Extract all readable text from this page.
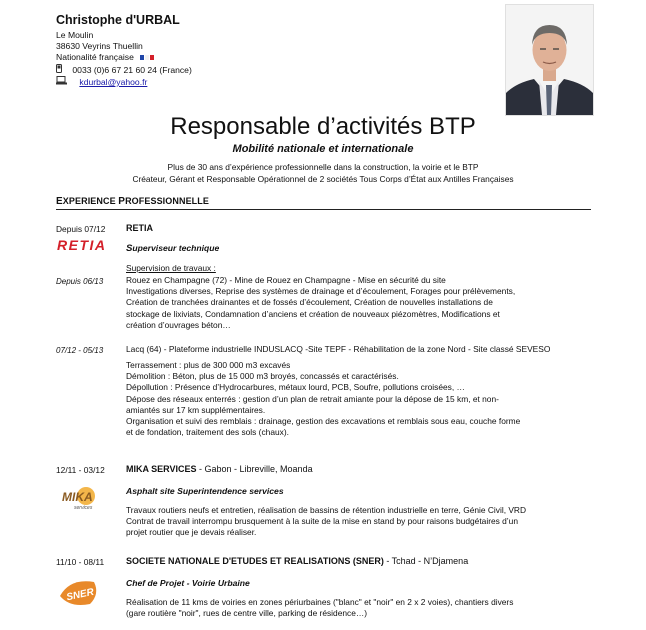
Christophe d'URBAL
Le Moulin
38630 Veyrins Thuellin
Nationalité française
0033 (0)6 67 21 60 24 (France)
kdurbal@yahoo.fr
Responsable d’activités BTP
Mobilité nationale et internationale
Plus de 30 ans d’expérience professionnelle dans la construction, la voirie et le BTP
Créateur, Gérant et Responsable Opérationnel de 2 sociétés Tous Corps d’État aux Antilles Françaises
EXPERIENCE PROFESSIONNELLE
Depuis 07/12 RETIA
RETIA Superviseur technique
Supervision de travaux :
Depuis 06/13	Rouez en Champagne (72) - Mine de Rouez en Champagne - Mise en sécurité du site
Investigations diverses, Reprise des systèmes de drainage et d’écoulement, Forages pour prélèvements,
Création de tranchées drainantes et de fossés d’écoulement, Création de nouvelles installations de
stockage de lixiviats, Condamnation d’anciens et création de nouveaux piézomètres, Modifications et
création d’ouvrages béton…
07/12 - 05/13	Lacq (64) - Plateforme industrielle INDUSLACQ -Site TEPF - Réhabilitation de la zone Nord - Site classé SEVESO
Terrassement : plus de 300 000 m3 excavés
Démolition : Béton, plus de 15 000 m3 broyés, concassés et caractérisés.
Dépollution : Présence d’Hydrocarbures, métaux lourd, PCB, Soufre, pollutions croisées, …
Dépose des réseaux enterrés : gestion d’un plan de retrait amiante pour la dépose de 15 km, et non-
amiantés sur 17 km supplémentaires.
Organisation et suivi des remblais : drainage, gestion des excavations et remblais sous eau, couche forme
et de fondation, traitement des sols (chaux).
12/11 - 03/12 MIKA SERVICES - Gabon - Libreville, Moanda
MIKA
services
Asphalt site Superintendence services
Travaux routiers neufs et entretien, réalisation de bassins de rétention industrielle en terre, Génie Civil, VRD
Contrat de travail interrompu brusquement à la suite de la mise en stand by pour raisons budgétaires d’un
projet routier que je devais réaliser.
11/10 - 08/11 SOCIETE NATIONALE D'ETUDES ET REALISATIONS (SNER) - Tchad - N’Djamena
SNER
Chef de Projet - Voirie Urbaine
Réalisation de 11 kms de voiries en zones périurbaines ("blanc" et "noir" en 2 x 2 voies), chantiers divers
(gare routière "noir", rues de centre ville, parking de résidence…)
